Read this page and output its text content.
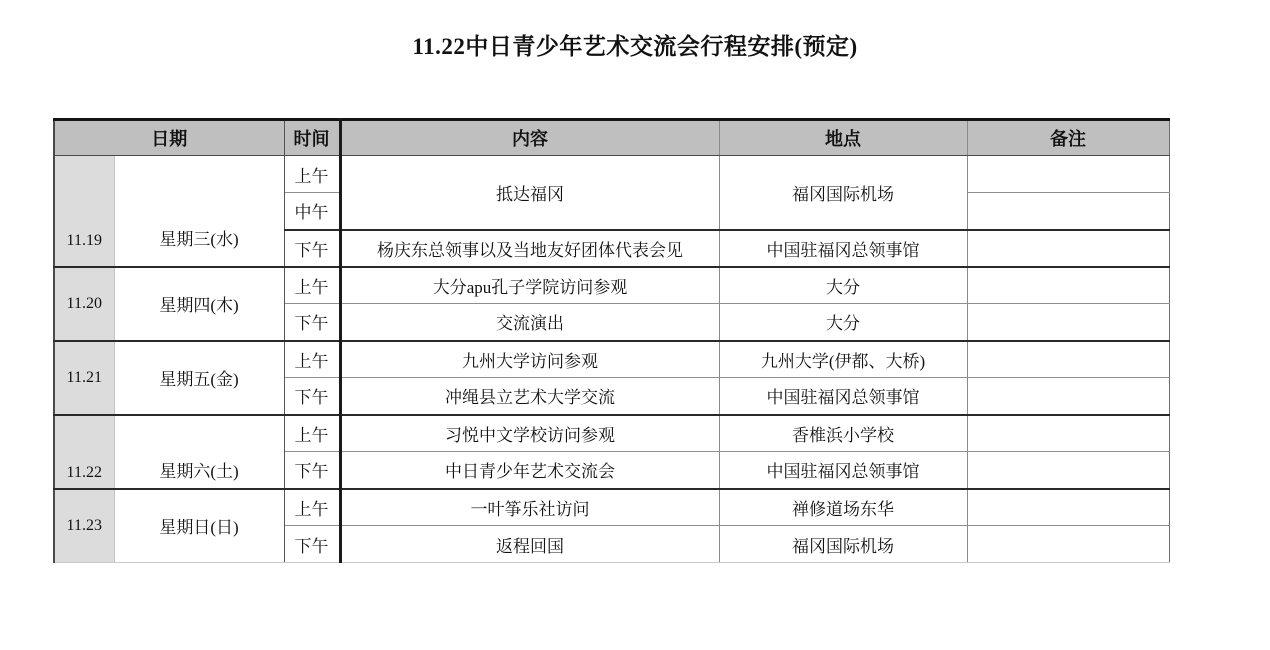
11.22中日青少年艺术交流会行程安排(预定)
日期		时间	内容	地点	备注
11.19	星期三(水)	上午	抵达福冈	福冈国际机场	
		中午			
		下午	杨庆东总领事以及当地友好团体代表会见	中国驻福冈总领事馆	
11.20	星期四(木)	上午	大分apu孔子学院访问参观	大分	
		下午	交流演出	大分	
11.21	星期五(金)	上午	九州大学访问参观	九州大学(伊都、大桥)	
		下午	冲绳县立艺术大学交流	中国驻福冈总领事馆	
11.22	星期六(土)	上午	习悦中文学校访问参观	香椎浜小学校	
		下午	中日青少年艺术交流会	中国驻福冈总领事馆	
11.23	星期日(日)	上午	一叶筝乐社访问	禅修道场东华	
		下午	返程回国	福冈国际机场	
